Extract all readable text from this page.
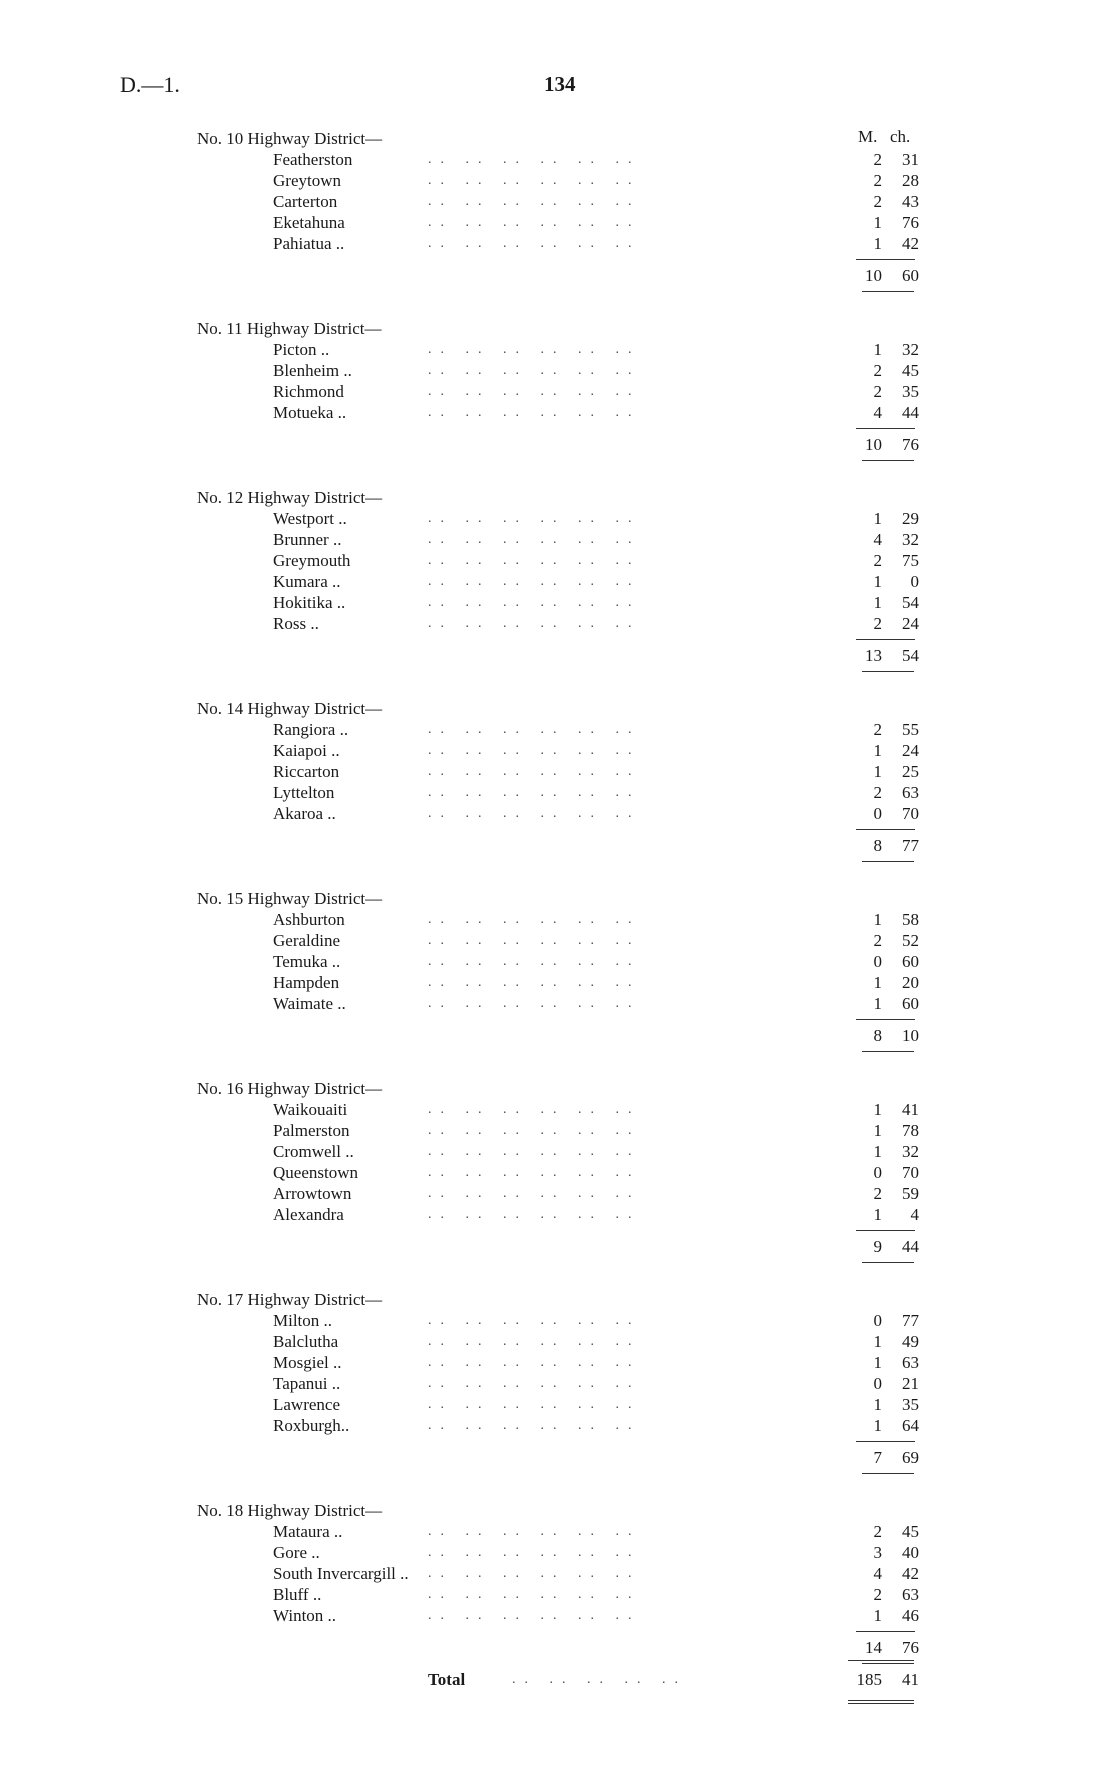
D.—1.	134
M. ch.
No. 10 Highway District—
Featherston	.. .. .. .. .. ..	2 31
Greytown	.. .. .. .. .. ..	2 28
Carterton	.. .. .. .. .. ..	2 43
Eketahuna	.. .. .. .. .. ..	1 76
Pahiatua ..	.. .. .. .. .. ..	1 42
10 60
No. 11 Highway District—
Picton ..	.. .. .. .. .. ..	1 32
Blenheim ..	.. .. .. .. .. ..	2 45
Richmond	.. .. .. .. .. ..	2 35
Motueka ..	.. .. .. .. .. ..	4 44
10 76
No. 12 Highway District—
Westport ..	.. .. .. .. .. ..	1 29
Brunner ..	.. .. .. .. .. ..	4 32
Greymouth	.. .. .. .. .. ..	2 75
Kumara ..	.. .. .. .. .. ..	1 0
Hokitika ..	.. .. .. .. .. ..	1 54
Ross ..	.. .. .. .. .. ..	2 24
13 54
No. 14 Highway District—
Rangiora ..	.. .. .. .. .. ..	2 55
Kaiapoi ..	.. .. .. .. .. ..	1 24
Riccarton	.. .. .. .. .. ..	1 25
Lyttelton	.. .. .. .. .. ..	2 63
Akaroa ..	.. .. .. .. .. ..	0 70
8 77
No. 15 Highway District—
Ashburton	.. .. .. .. .. ..	1 58
Geraldine	.. .. .. .. .. ..	2 52
Temuka ..	.. .. .. .. .. ..	0 60
Hampden	.. .. .. .. .. ..	1 20
Waimate ..	.. .. .. .. .. ..	1 60
8 10
No. 16 Highway District—
Waikouaiti	.. .. .. .. .. ..	1 41
Palmerston	.. .. .. .. .. ..	1 78
Cromwell ..	.. .. .. .. .. ..	1 32
Queenstown	.. .. .. .. .. ..	0 70
Arrowtown	.. .. .. .. .. ..	2 59
Alexandra	.. .. .. .. .. ..	1 4
9 44
No. 17 Highway District—
Milton ..	.. .. .. .. .. ..	0 77
Balclutha	.. .. .. .. .. ..	1 49
Mosgiel ..	.. .. .. .. .. ..	1 63
Tapanui ..	.. .. .. .. .. ..	0 21
Lawrence	.. .. .. .. .. ..	1 35
Roxburgh..	.. .. .. .. .. ..	1 64
7 69
No. 18 Highway District—
Mataura ..	.. .. .. .. .. ..	2 45
Gore ..	.. .. .. .. .. ..	3 40
South Invercargill .. .. .. .. .. .. ..	4 42
Bluff ..	.. .. .. .. .. ..	2 63
Winton ..	.. .. .. .. .. ..	1 46
14 76
Total	.. .. .. .. ..	185 41
